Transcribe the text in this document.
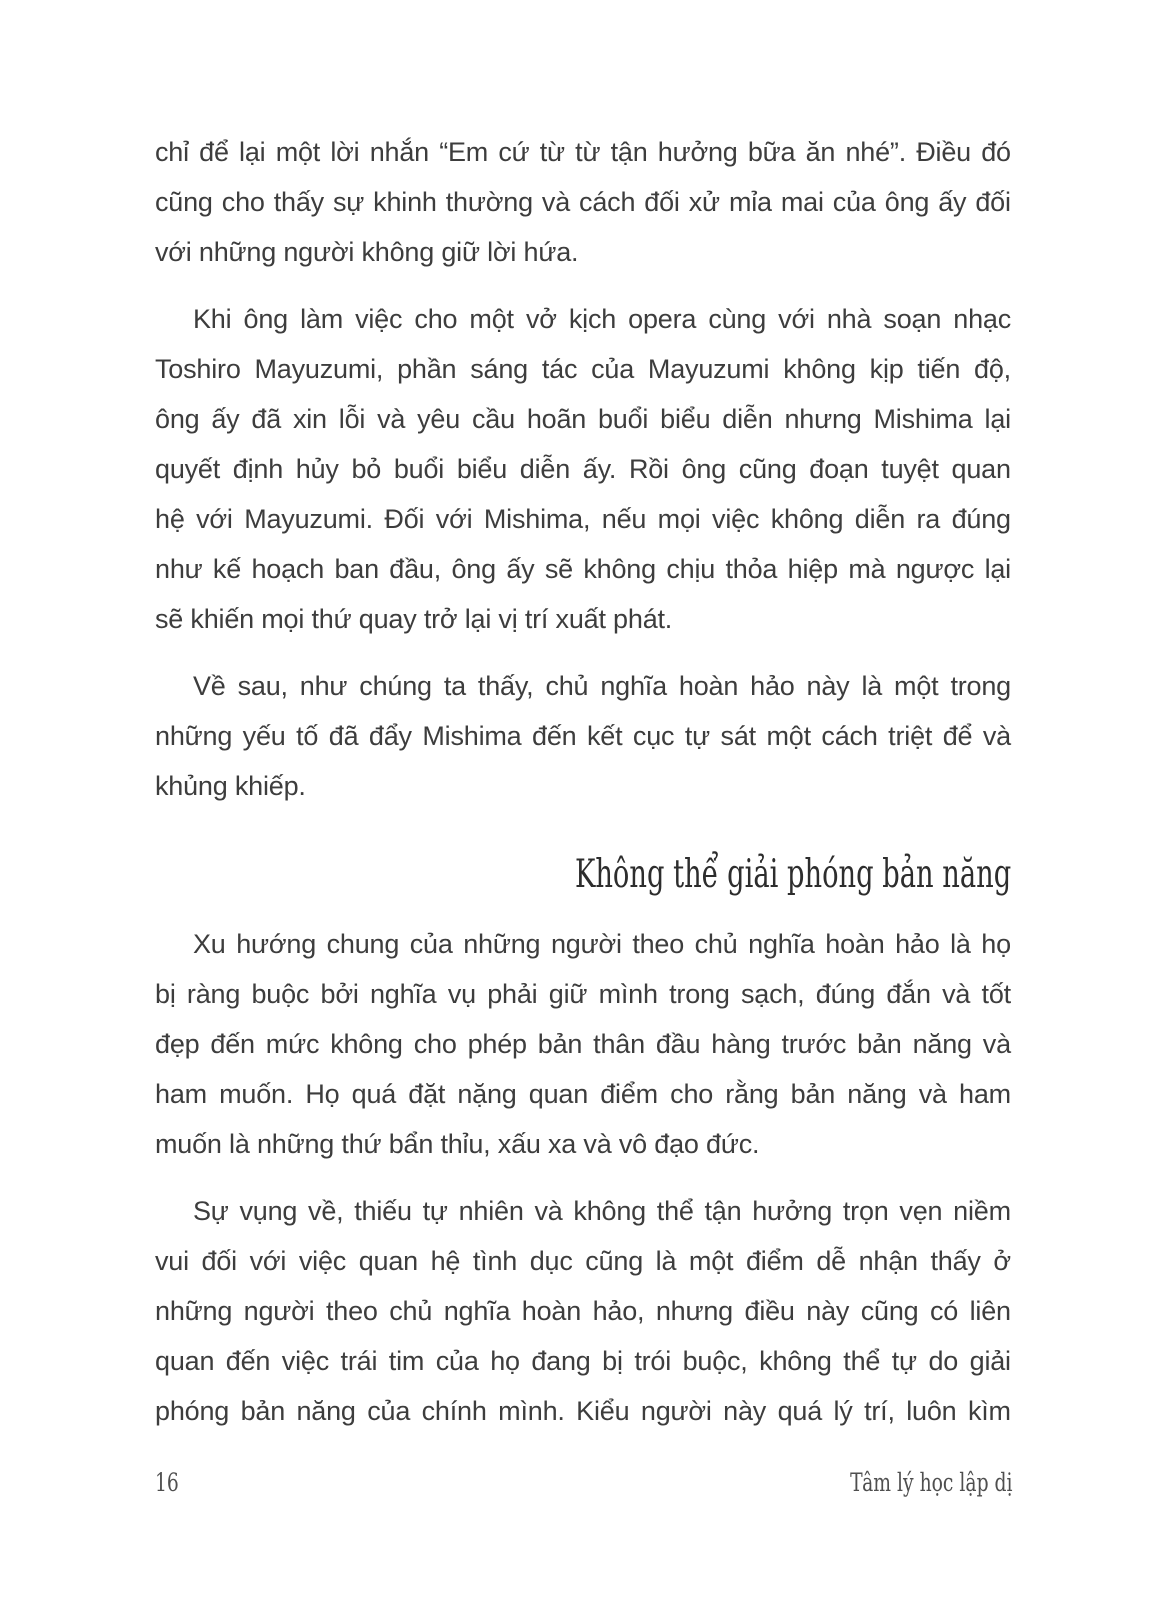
chỉ để lại một lời nhắn “Em cứ từ từ tận hưởng bữa ăn nhé”. Điều đó
cũng cho thấy sự khinh thường và cách đối xử mỉa mai của ông ấy đối
với những người không giữ lời hứa.

Khi ông làm việc cho một vở kịch opera cùng với nhà soạn nhạc
Toshiro Mayuzumi, phần sáng tác của Mayuzumi không kịp tiến độ,
ông ấy đã xin lỗi và yêu cầu hoãn buổi biểu diễn nhưng Mishima lại
quyết định hủy bỏ buổi biểu diễn ấy. Rồi ông cũng đoạn tuyệt quan
hệ với Mayuzumi. Đối với Mishima, nếu mọi việc không diễn ra đúng
như kế hoạch ban đầu, ông ấy sẽ không chịu thỏa hiệp mà ngược lại
sẽ khiến mọi thứ quay trở lại vị trí xuất phát.

Về sau, như chúng ta thấy, chủ nghĩa hoàn hảo này là một trong
những yếu tố đã đẩy Mishima đến kết cục tự sát một cách triệt để và
khủng khiếp.

Không thể giải phóng bản năng

Xu hướng chung của những người theo chủ nghĩa hoàn hảo là họ
bị ràng buộc bởi nghĩa vụ phải giữ mình trong sạch, đúng đắn và tốt
đẹp đến mức không cho phép bản thân đầu hàng trước bản năng và
ham muốn. Họ quá đặt nặng quan điểm cho rằng bản năng và ham
muốn là những thứ bẩn thỉu, xấu xa và vô đạo đức.

Sự vụng về, thiếu tự nhiên và không thể tận hưởng trọn vẹn niềm
vui đối với việc quan hệ tình dục cũng là một điểm dễ nhận thấy ở
những người theo chủ nghĩa hoàn hảo, nhưng điều này cũng có liên
quan đến việc trái tim của họ đang bị trói buộc, không thể tự do giải
phóng bản năng của chính mình. Kiểu người này quá lý trí, luôn kìm

16	Tâm lý học lập dị
